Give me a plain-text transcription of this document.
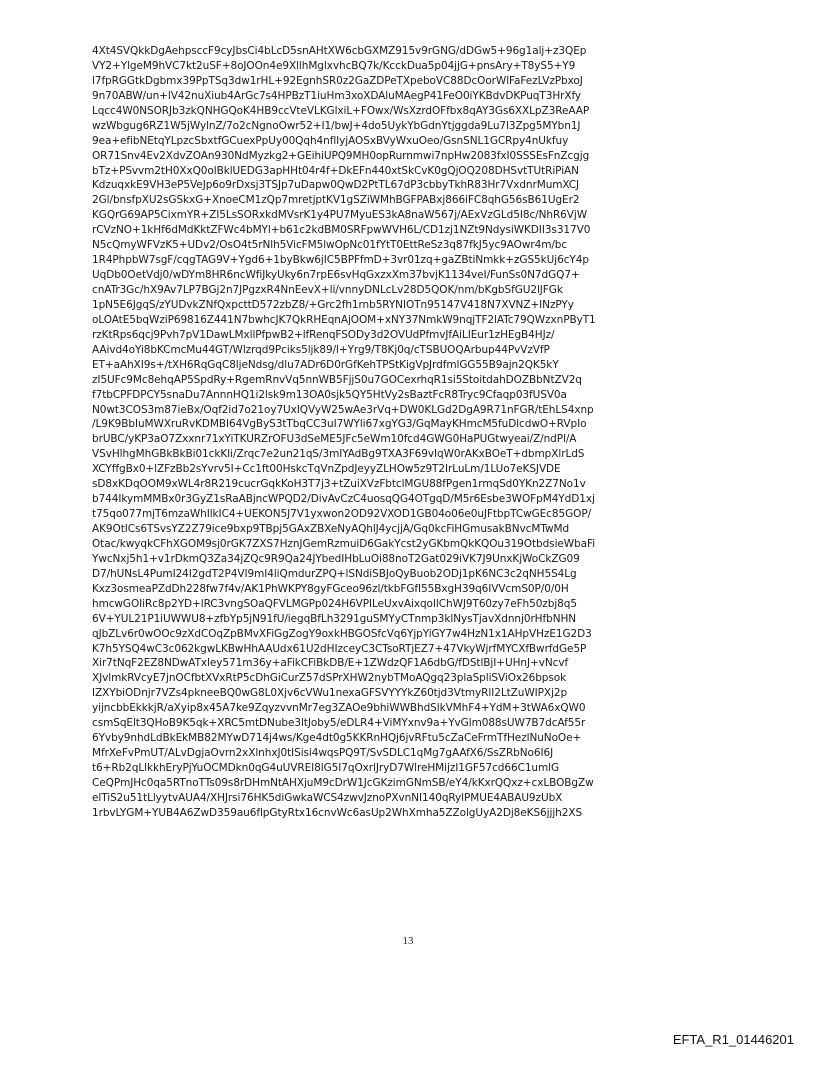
4Xt4SVQkkDgAehpsccF9cyJbsCi4bLcD5snAHtXW6cbGXMZ915v9rGNG/dDGw5+96g1alj+z3QEp
VY2+YlgeM9hVC7kt2uSF+8oJOOn4e9XllhMglxvhcBQ7k/KcckDua5p04jjG+pnsAry+T8yS5+Y9
l7fpRGGtkDgbmx39PpTSq3dw1rHL+92EgnhSR0z2GaZDPeTXpeboVC88DcOorWlFaFezLVzPbxoJ
9n70ABW/un+lV42nuXiub4ArGc7s4HPBzT1iuHm3xoXDAluMAegP41FeO0iYKBdvDKPuqT3HrXfy
Lqcc4W0NSORJb3zkQNHGQoK4HB9ccVteVLKGlxiL+FOwx/WsXzrdOFfbx8qAY3Gs6XXLpZ3ReAAP
wzWbgug6RZ1W5jWylnZ/7o2cNgnoOwr52+I1/bwJ+4do5UykYbGdnYtjggda9Lu7l3Zpg5MYbn1J
9ea+efibNEtqYLpzcSbxtfGCuexPpUy00Qqh4nflIyjAOSxBVyWxuOeo/GsnSNL1GCRpy4nUkfuy
OR71Snv4Ev2XdvZOAn930NdMyzkg2+GEihiUPQ9MH0opRurnmwi7npHw2083fxI0SSSEsFnZcgjg
bTz+PSvvm2tH0XxQ0olBklUEDG3apHHt04r4f+DkEFn440xtSkCvK0gQjOQ208DHSvtTUtRiPiAN
KdzuqxkE9VH3eP5VeJp6o9rDxsj3TSJp7uDapw0QwD2PtTL67dP3cbbyTkhR83Hr7VxdnrMumXCJ
2Gl/bnsfpXU2sGSkxG+XnoeCM1zQp7mretjptKV1gSZiWMhBGFPABxj866iFC8qhG56sB61UgEr2
KGQrG69AP5CixmYR+ZI5LsSORxkdMVsrK1y4PU7MyuES3kA8naW567j/AExVzGLd5I8c/NhR6VjW
rCVzNO+1kHf6dMdKktZFWc4bMYl+b61c2kdBM0SRFpwWVH6L/CD1zj1NZt9NdysiWKDII3s317V0
N5cQmyWFVzK5+UDv2/OsO4t5rNlh5VicFM5lwOpNc01fYtT0EttReSz3q87fkJ5yc9AOwr4m/bc
1R4PhpbW7sgF/cqgTAG9V+Ygd6+1byBkw6jIC5BPFfmD+3vr01zq+gaZBtiNmkk+zGS5kUj6cY4p
UqDb0OetVdj0/wDYm8HR6ncWfiJkyUky6n7rpE6svHqGxzxXm37bvjK1134veI/FunSs0N7dGQ7+
cnATr3Gc/hX9Av7LP7BGj2n7JPgzxR4NnEevX+li/vnnyDNLcLv28D5QOK/nm/bKgbSfGU2lJFGk
1pN5E6JgqS/zYUDvkZNfQxpcttD572zbZ8/+Grc2fh1rnb5RYNIOTn95147V418N7XVNZ+INzPYy
oLOAtE5bqWziP69816Z441N7bwhcJK7QkRHEqnAjOOM+xNY37NmkW9nqjTF2lATc79QWzxnPByT1
rzKtRps6qcj9Pvh7pV1DawLMxllPfpwB2+lfRenqFSODy3d2OVUdPfmvJfAiLIEur1zHEgB4HJz/
AAivd4oYi8bKCmcMu44GT/Wlzrqd9Pciks5ljk89/l+Yrg9/T8Kj0q/cTSBUOQArbup44PvVzVfP
ET+aAhXI9s+/tXH6RqGqC8ljeNdsg/dlu7ADr6D0rGfKehTPStKigVpJrdfmlGG55B9ajn2QK5kY
zI5UFc9Mc8ehqAP5SpdRy+RgemRnvVq5nnWB5FjjS0u7GOCexrhqR1si5StoitdahDOZBbNtZV2q
f7tbCPFDPCY5snaDu7AnnnHQ1i2lsk9m13OA0sjk5QY5HtVy2sBaztFcR8Tryc9Cfaqp03fUSV0a
N0wt3COS3m87ieBx/Oqf2id7o21oy7UxIQVyW25wAe3rVq+DW0KLGd2DgA9R71nFGR/tEhLS4xnp
/L9K9BbIuMWXruRvKDMBI64VgByS3tTbqCC3uI7WYli67xgYG3/GqMayKHmcM5fuDlcdwO+RVpIo
brUBC/yKP3aO7Zxxnr71xYiTKURZrOFU3dSeME5JFc5eWm10fcd4GWG0HaPUGtwyeai/Z/ndPl/A
VSvHlhgMhGBkBkBi01ckKIi/Zrqc7e2un21qS/3mIYAdBg9TXA3F69vIqW0rAKxBOeT+dbmpXlrLdS
XCYffgBx0+lZFzBb2sYvrv5I+Cc1ft00HskcTqVnZpdJeyyZLHOw5z9T2IrLuLm/1LUo7eKSJVDE
sD8xKDqOOM9xWL4r8R219cucrGqkKoH3T7j3+tZuiXVzFbtclMGU88fPgen1rmqSd0YKn2Z7No1v
b744IkymMMBx0r3GyZ1sRaABjncWPQD2/DivAvCzC4uosqQG4OTgqD/M5r6Esbe3WOFpM4YdD1xj
t75qo077mjT6mzaWhIlkIC4+UEKON5J7V1yxwon2OD92VXOD1GB04o06e0uJFtbpTCwGEc85GOP/
AK9OtICs6TSvsYZ2Z79ice9bxp9TBpj5GAxZBXeNyAQhlJ4ycjjA/Gq0kcFiHGmusakBNvcMTwMd
Otac/kwyqkCFhXGOM9sj0rGK7ZXS7HznJGemRzmuiD6GakYcst2yGKbmQkKQOu319OtbdsieWbaFi
YwcNxj5h1+v1rDkmQ3Za34jZQc9R9Qa24JYbedIHbLuOi88noT2Gat029iVK7J9UnxKjWoCkZG09
D7/hUNsL4PumI24I2gdT2P4VI9mI4liQmdurZPQ+lSNdiSBJoQyBuob2ODj1pK6NC3c2qNH5S4Lg
Kxz3osmeaPZdDh228fw7f4v/AK1PhWKPY8gyFGceo96zl/tkbFGfI55BxgH39q6IVVcmS0P/0/0H
hmcwGOIiRc8p2YD+lRC3vngSOaQFVLMGPp024H6VPILeUxvAixqoIlChWJ9T60zy7eFh50zbj8q5
6V+YUL21P1iUWWU8+zfbYp5jN91fU/iegqBfLh3291guSMYyCTnmp3klNysTjavXdnnj0rHfbNHN
qJbZLv6r0wOOc9zXdCOqZpBMvXFiGgZogY9oxkHBGOSfcVq6YjpYiGY7w4HzN1x1AHpVHzE1G2D3
K7h5YSQ4wC3c062kgwLKBwHhAAUdx61U2dHIzceyC3CTsoRTjEZ7+47VkyWjrfMYCXfBwrfdGe5P
Xir7tNqF2EZ8NDwATxley571m36y+aFikCFiBkDB/E+1ZWdzQF1A6dbG/fDStlBjI+UHnJ+vNcvf
XJvlmkRVcyE7jnOCfbtXVxRtP5cDhGiCurZ57dSPrXHW2nybTMoAQgq23plaSpliSViOx26bpsok
IZXYbiODnjr7VZs4pkneeBQ0wG8L0Xjv6cVWu1nexaGFSVYYYkZ60tjd3VtmyRlI2LtZuWIPXj2p
yijncbbEkkkjR/aXyip8x45A7ke9ZqyzvvnMr7eg3ZAOe9bhiWWBhdSlkVMhF4+YdM+3tWA6xQW0
csmSqElt3QHoB9K5qk+XRC5mtDNube3ltJoby5/eDLR4+ViMYxnv9a+YvGlm088sUW7B7dcAf55r
6Yvby9nhdLdBkEkMB82MYwD714j4ws/Kge4dt0g5KKRnHQj6jvRFtu5cZaCeFrmTfHezlNuNoOe+
MfrXeFvPmUT/ALvDgjaOvrn2xXlnhxJ0tISisi4wqsPQ9T/SvSDLC1qMg7gAAfX6/SsZRbNo6I6J
t6+Rb2qLlkkhEryPjYuOCMDkn0qG4uUVREI8lG5I7qOxrlJryD7WlreHMijzI1GF57cd66C1umlG
CeQPmJHc0qa5RTnoTTs09s8rDHmNtAHXjuM9cDrW1JcGKzimGNmSB/eY4/kKxrQQxz+cxLBOBgZw
elTiS2u51tLlyytvAUA4/XHJrsi76HK5diGwkaWCS4zwvJznoPXvnNI140qRylPMUE4ABAU9zUbX
1rbvLYGM+YUB4A6ZwD359au6flpGtyRtx16cnvWc6asUp2WhXmha5ZZolgUyA2Dj8eKS6jjjh2XS
13
EFTA_R1_01446201
